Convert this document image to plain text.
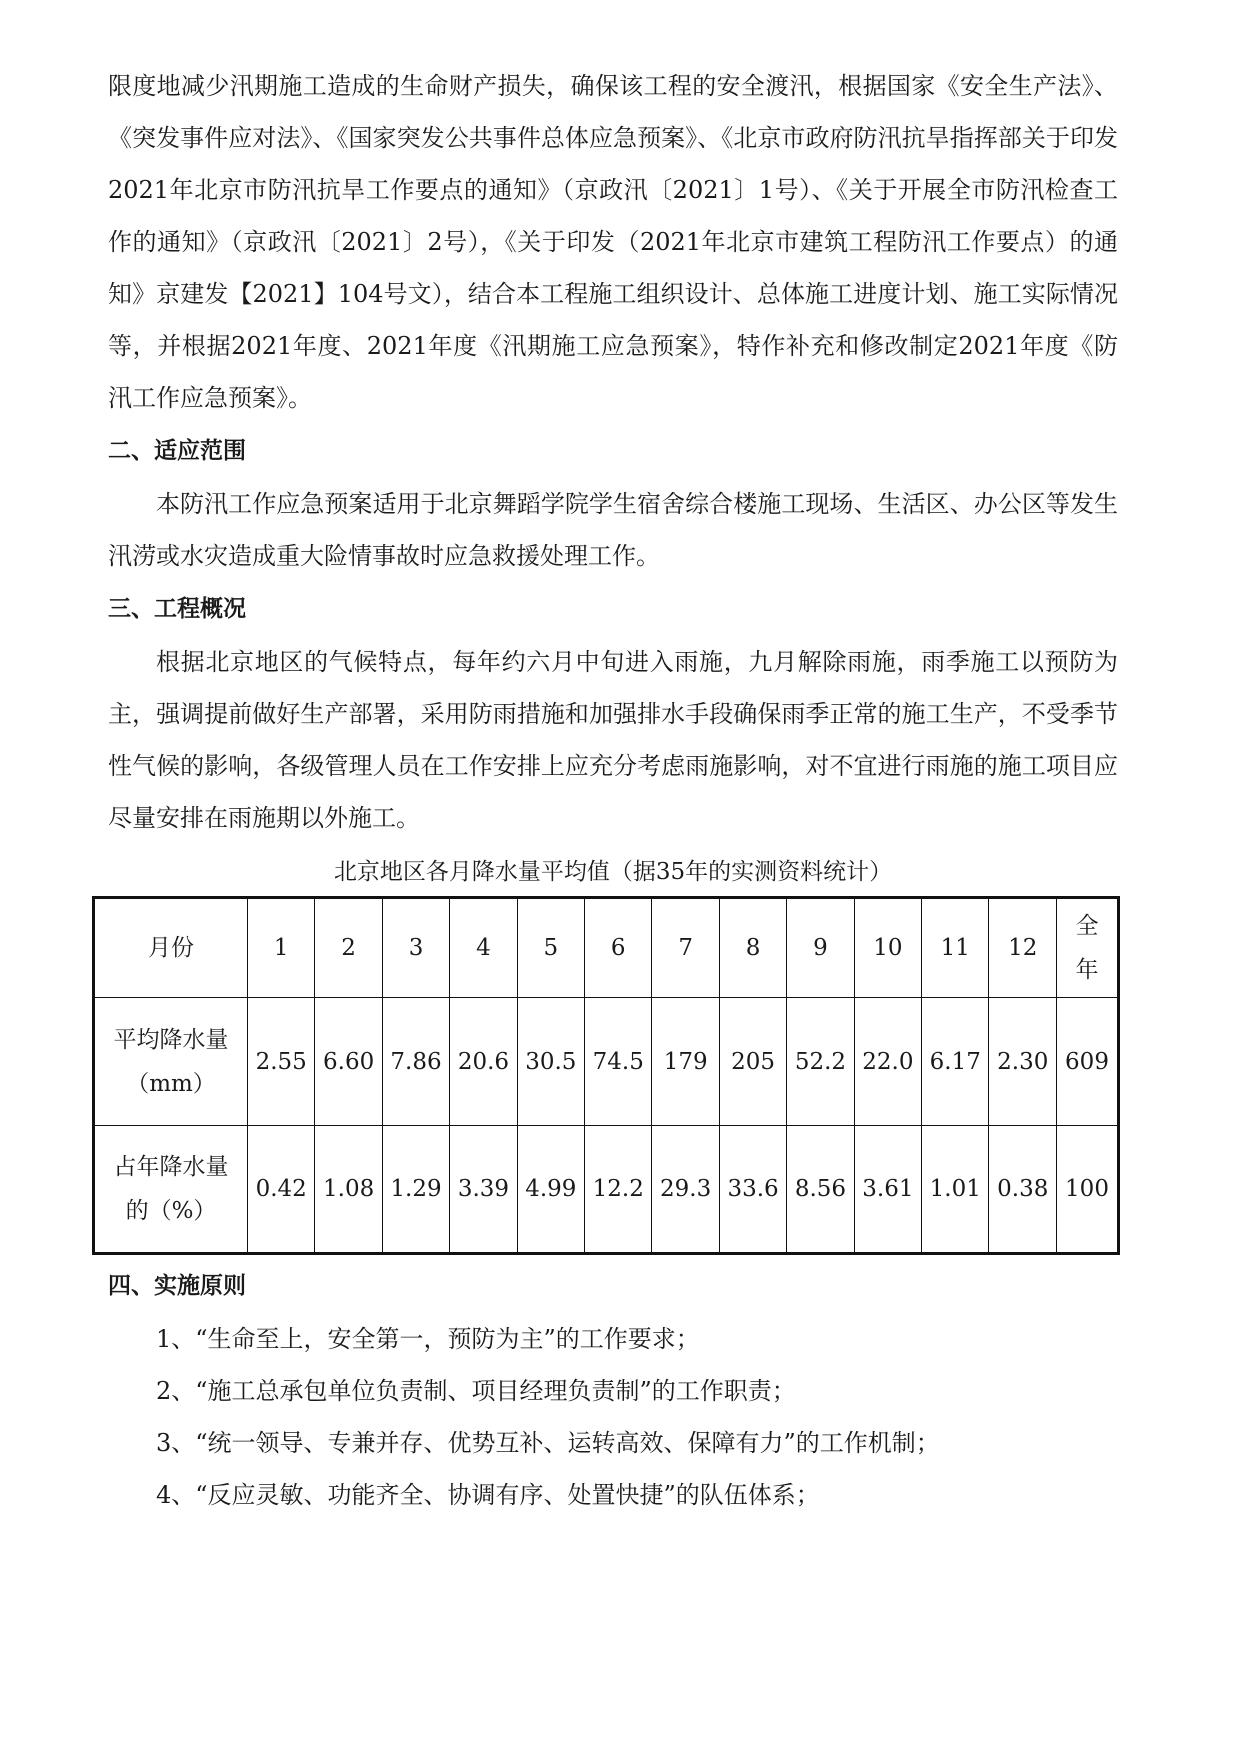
限度地减少汛期施工造成的生命财产损失，确保该工程的安全渡汛，根据国家《安全生产法》、《突发事件应对法》、《国家突发公共事件总体应急预案》、《北京市政府防汛抗旱指挥部关于印发2021年北京市防汛抗旱工作要点的通知》（京政汛〔2021〕1号）、《关于开展全市防汛检查工作的通知》（京政汛〔2021〕2号），《关于印发（2021年北京市建筑工程防汛工作要点）的通知》京建发【2021】104号文），结合本工程施工组织设计、总体施工进度计划、施工实际情况等，并根据2021年度、2021年度《汛期施工应急预案》，特作补充和修改制定2021年度《防汛工作应急预案》。

二、适应范围

本防汛工作应急预案适用于北京舞蹈学院学生宿舍综合楼施工现场、生活区、办公区等发生汛涝或水灾造成重大险情事故时应急救援处理工作。

三、工程概况

根据北京地区的气候特点，每年约六月中旬进入雨施，九月解除雨施，雨季施工以预防为主，强调提前做好生产部署，采用防雨措施和加强排水手段确保雨季正常的施工生产，不受季节性气候的影响，各级管理人员在工作安排上应充分考虑雨施影响，对不宜进行雨施的施工项目应尽量安排在雨施期以外施工。

北京地区各月降水量平均值（据35年的实测资料统计）
月份	1	2	3	4	5	6	7	8	9	10	11	12	全
年

平均降水量
（mm）	2.55	6.60	7.86	20.6	30.5	74.5	179	205	52.2	22.0	6.17	2.30	609

占年降水量
的（%）	0.42	1.08	1.29	3.39	4.99	12.2	29.3	33.6	8.56	3.61	1.01	0.38	100
四、实施原则

1、“生命至上，安全第一，预防为主”的工作要求；

2、“施工总承包单位负责制、项目经理负责制”的工作职责；

3、“统一领导、专兼并存、优势互补、运转高效、保障有力”的工作机制；

4、“反应灵敏、功能齐全、协调有序、处置快捷”的队伍体系；
